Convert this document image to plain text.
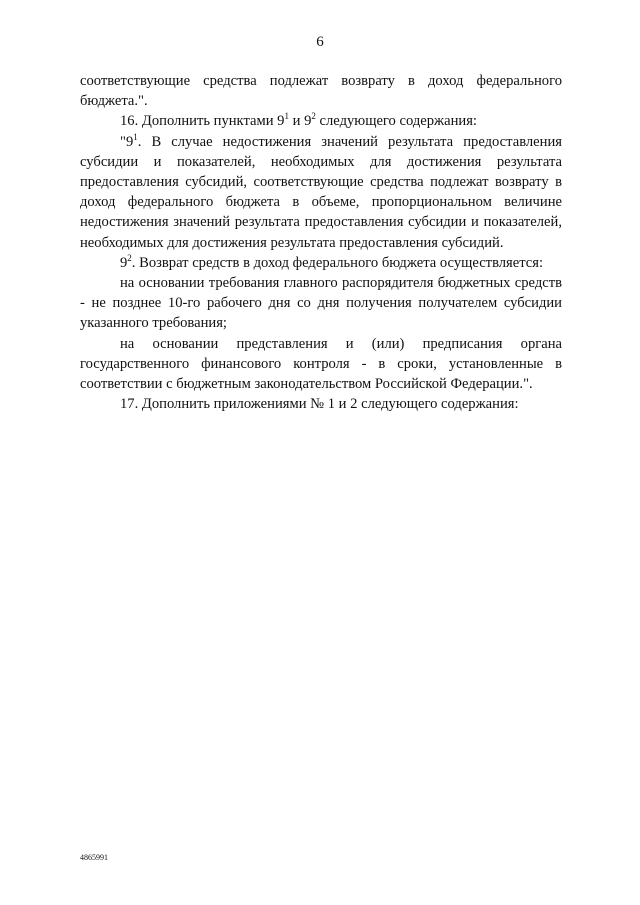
6

соответствующие средства подлежат возврату в доход федерального бюджета.".

16. Дополнить пунктами $9^1$ и $9^2$ следующего содержания:

"$9^1$. В случае недостижения значений результата предоставления субсидии и показателей, необходимых для достижения результата предоставления субсидий, соответствующие средства подлежат возврату в доход федерального бюджета в объеме, пропорциональном величине недостижения значений результата предоставления субсидии и показателей, необходимых для достижения результата предоставления субсидий.

$9^2$. Возврат средств в доход федерального бюджета осуществляется:

на основании требования главного распорядителя бюджетных средств - не позднее 10-го рабочего дня со дня получения получателем субсидии указанного требования;

на основании представления и (или) предписания органа государственного финансового контроля - в сроки, установленные в соответствии с бюджетным законодательством Российской Федерации.".

17. Дополнить приложениями № 1 и 2 следующего содержания:

4865991
